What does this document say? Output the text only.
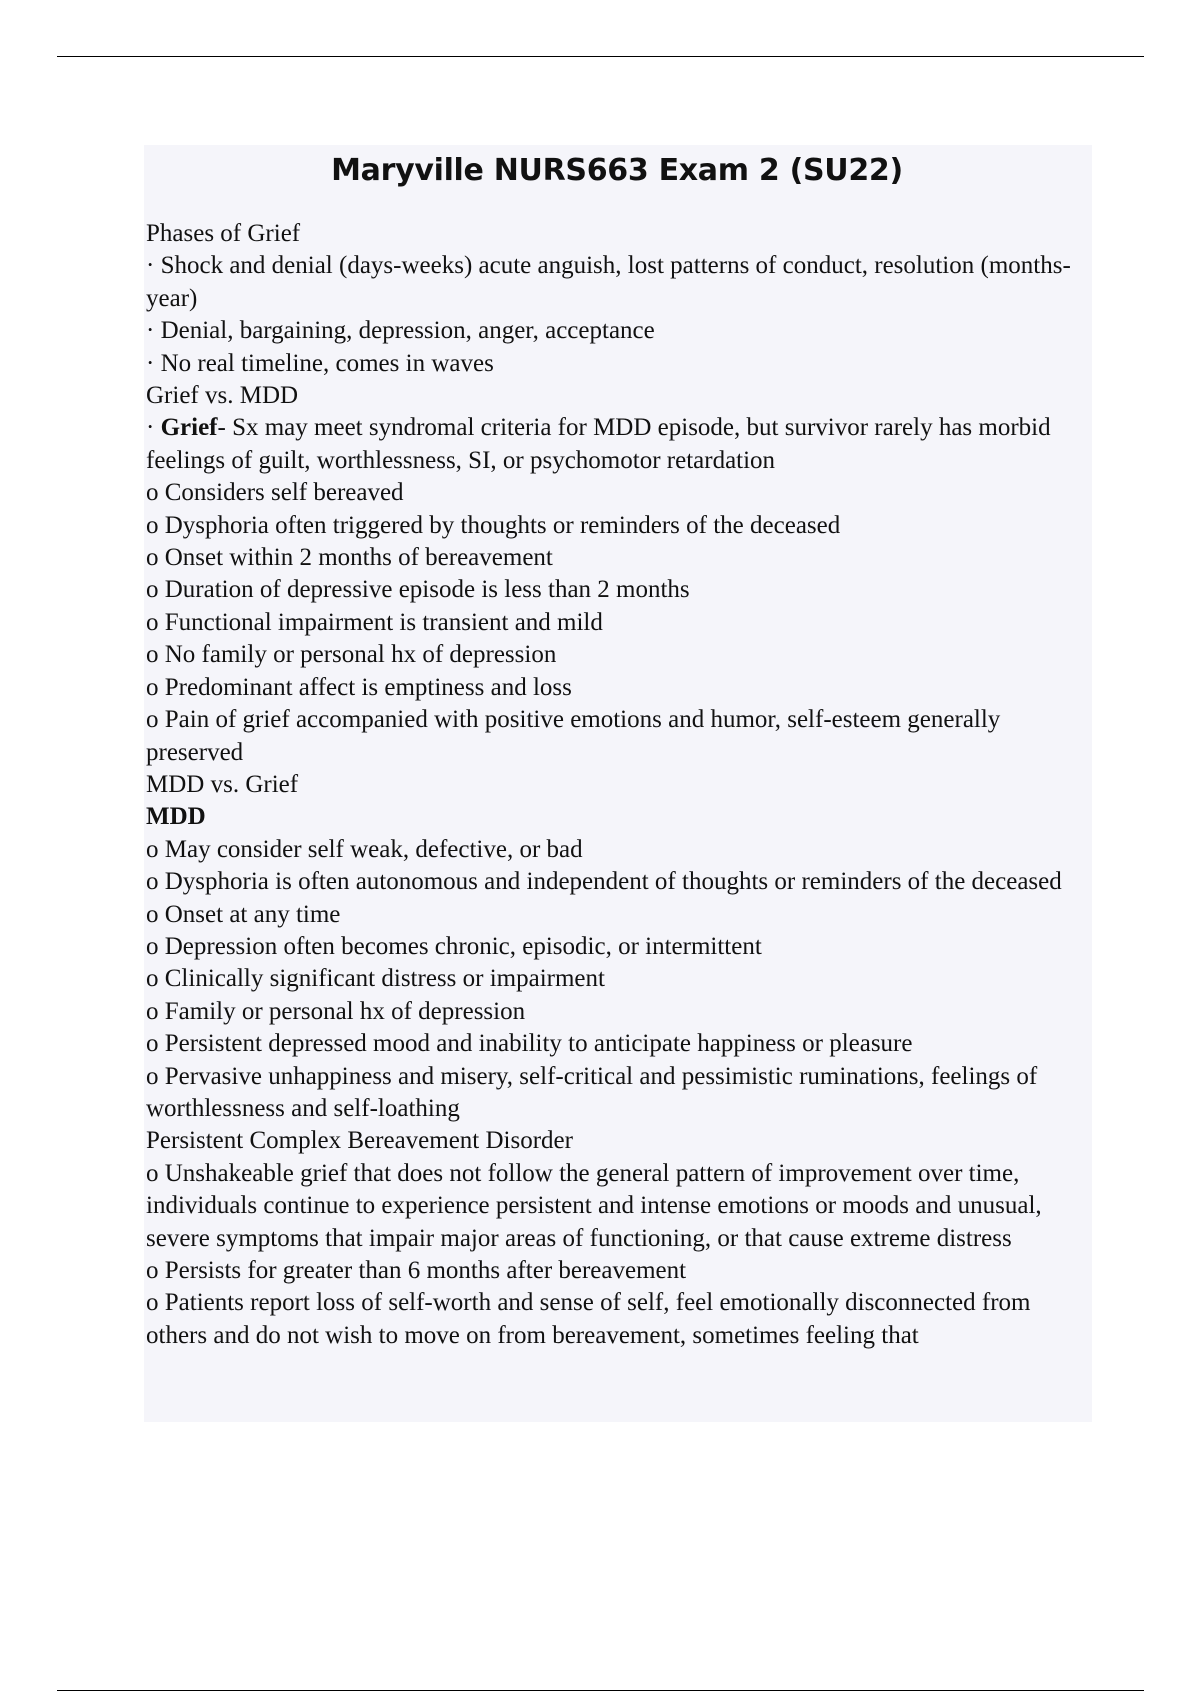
Maryville NURS663 Exam 2 (SU22)
Phases of Grief
· Shock and denial (days-weeks) acute anguish, lost patterns of conduct, resolution (months-year)
· Denial, bargaining, depression, anger, acceptance
· No real timeline, comes in waves
Grief vs. MDD
· Grief- Sx may meet syndromal criteria for MDD episode, but survivor rarely has morbid feelings of guilt, worthlessness, SI, or psychomotor retardation
o Considers self bereaved
o Dysphoria often triggered by thoughts or reminders of the deceased
o Onset within 2 months of bereavement
o Duration of depressive episode is less than 2 months
o Functional impairment is transient and mild
o No family or personal hx of depression
o Predominant affect is emptiness and loss
o Pain of grief accompanied with positive emotions and humor, self-esteem generally preserved
MDD vs. Grief
MDD
o May consider self weak, defective, or bad
o Dysphoria is often autonomous and independent of thoughts or reminders of the deceased
o Onset at any time
o Depression often becomes chronic, episodic, or intermittent
o Clinically significant distress or impairment
o Family or personal hx of depression
o Persistent depressed mood and inability to anticipate happiness or pleasure
o Pervasive unhappiness and misery, self-critical and pessimistic ruminations, feelings of worthlessness and self-loathing
Persistent Complex Bereavement Disorder
o Unshakeable grief that does not follow the general pattern of improvement over time, individuals continue to experience persistent and intense emotions or moods and unusual, severe symptoms that impair major areas of functioning, or that cause extreme distress
o Persists for greater than 6 months after bereavement
o Patients report loss of self-worth and sense of self, feel emotionally disconnected from others and do not wish to move on from bereavement, sometimes feeling that
